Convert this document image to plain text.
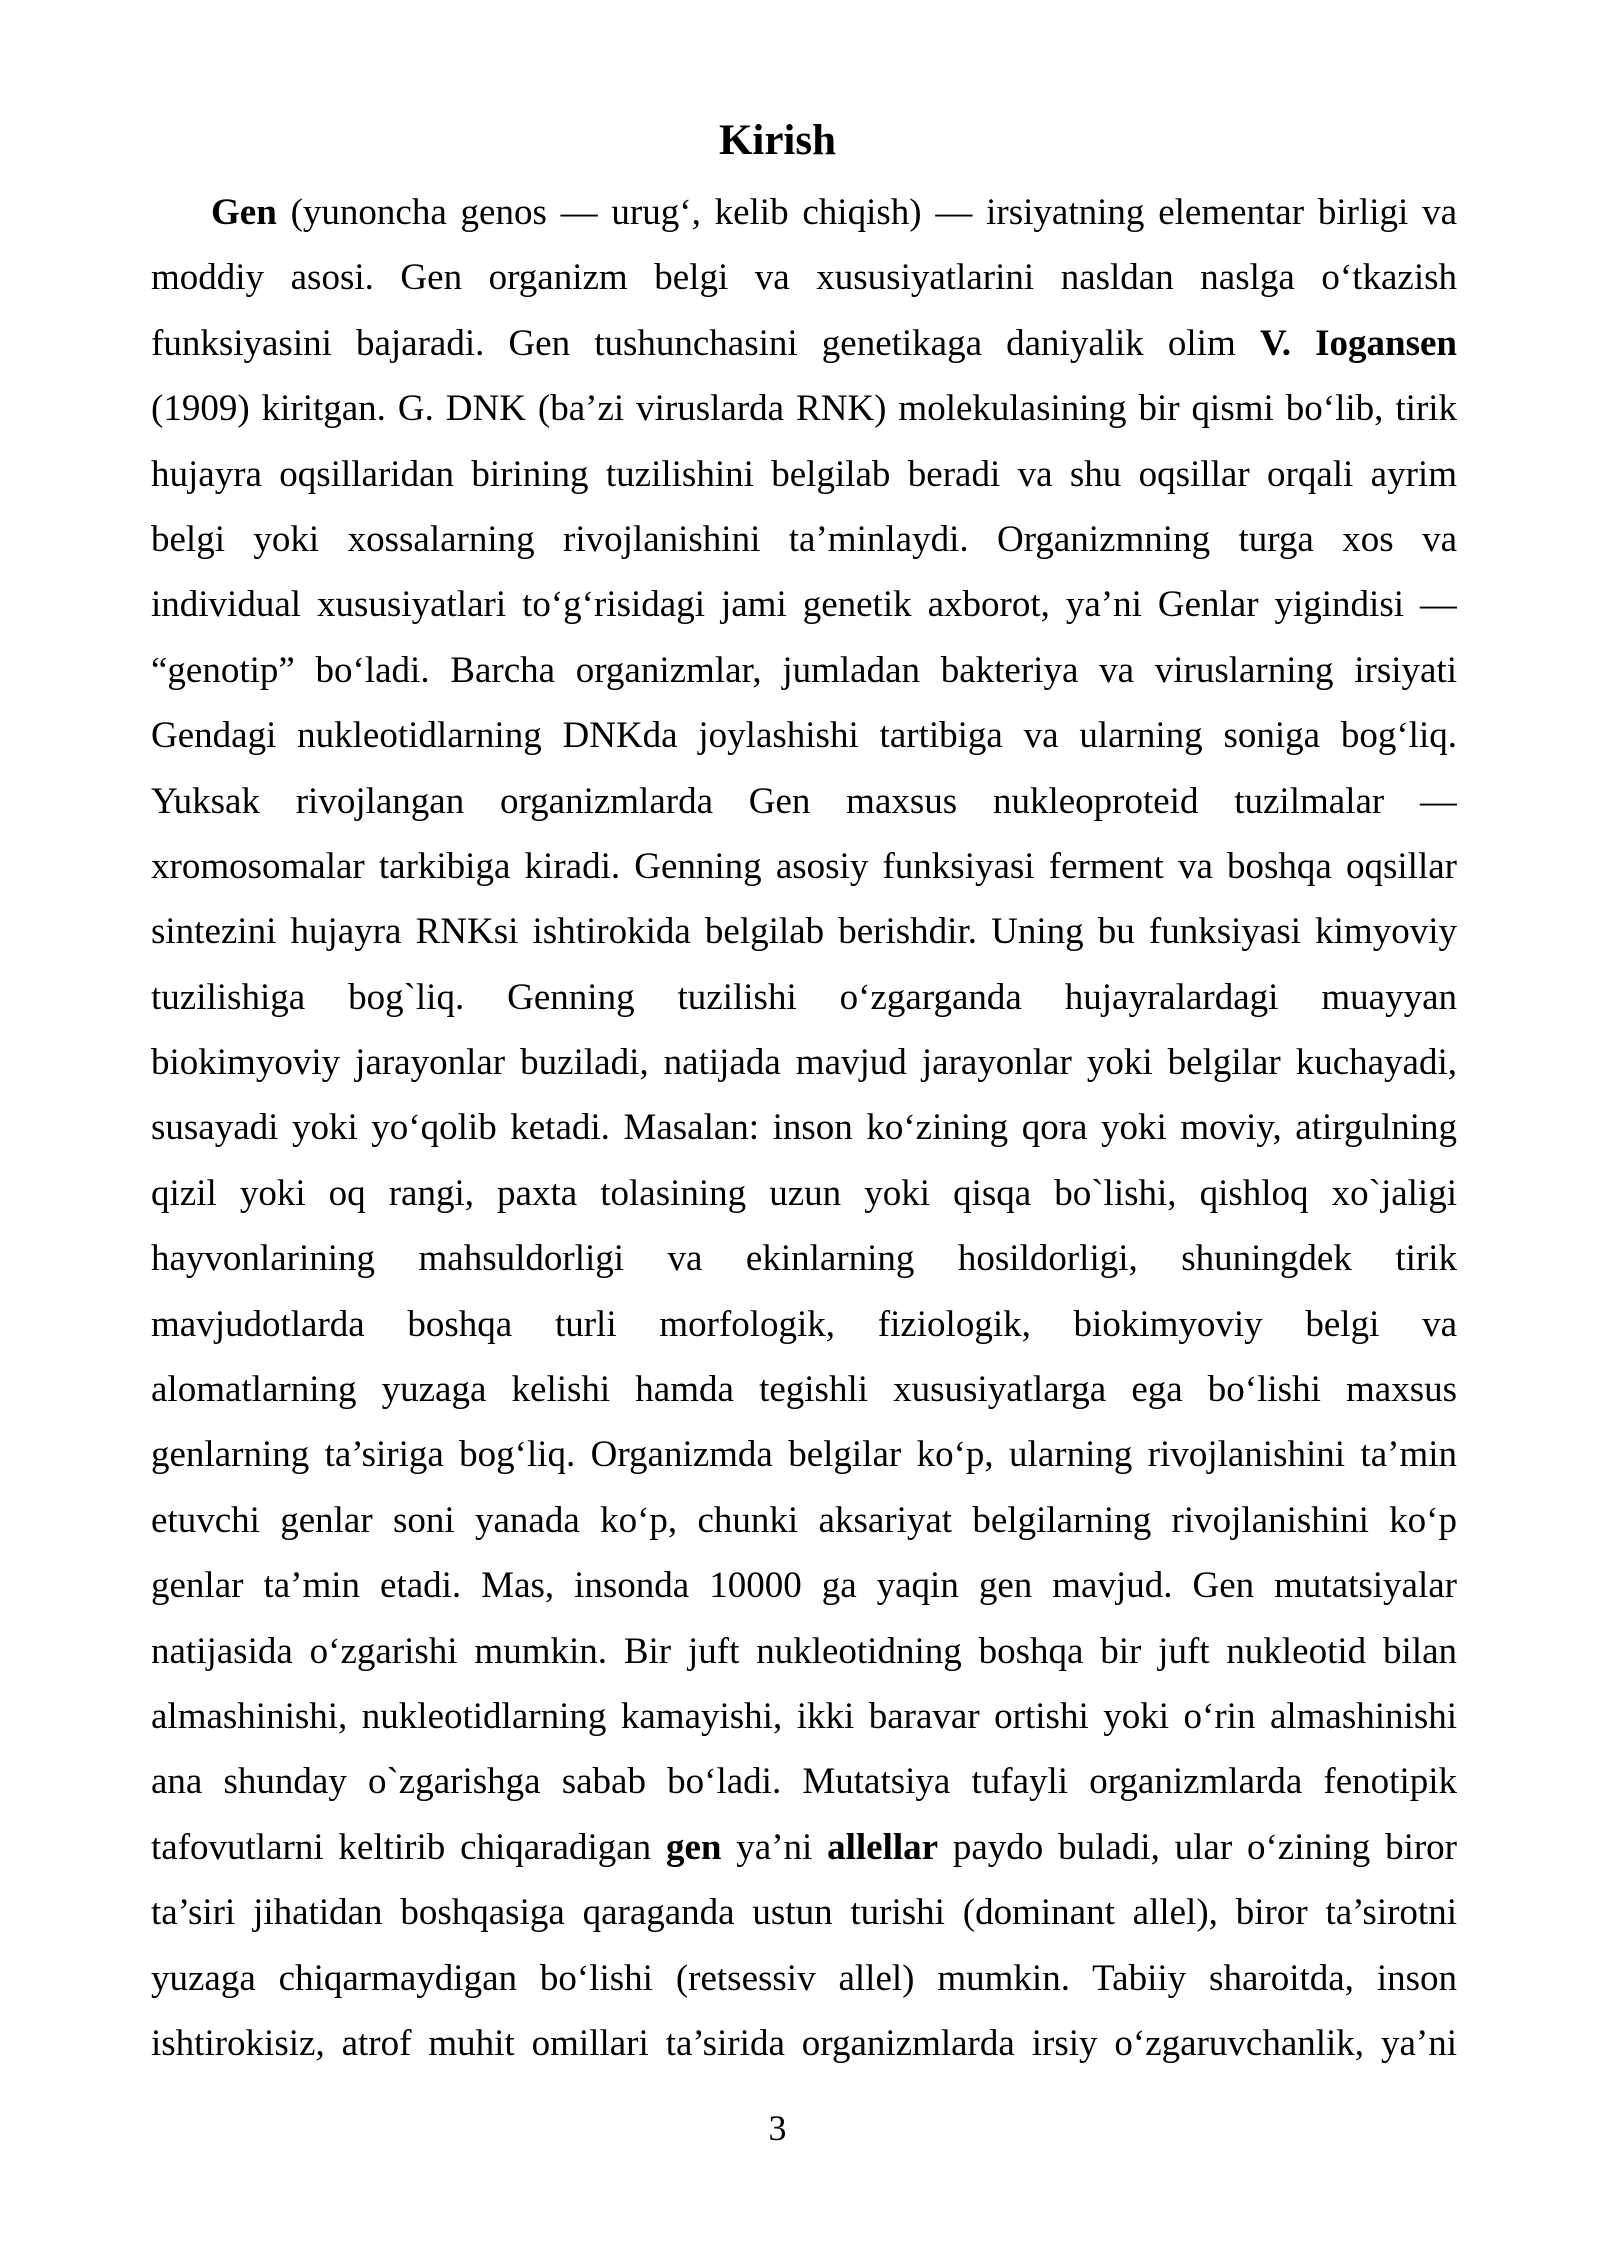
Kirish
Gen (yunoncha genos — urug‘, kelib chiqish) — irsiyatning elementar birligi va
moddiy asosi. Gen organizm belgi va xususiyatlarini nasldan naslga o‘tkazish
funksiyasini bajaradi. Gen tushunchasini genetikaga daniyalik olim V. Iogansen
(1909) kiritgan. G. DNK (ba’zi viruslarda RNK) molekulasining bir qismi bo‘lib, tirik
hujayra oqsillaridan birining tuzilishini belgilab beradi va shu oqsillar orqali ayrim
belgi yoki xossalarning rivojlanishini ta’minlaydi. Organizmning turga xos va
individual xususiyatlari to‘g‘risidagi jami genetik axborot, ya’ni Genlar yigindisi —
“genotip” bo‘ladi. Barcha organizmlar, jumladan bakteriya va viruslarning irsiyati
Gendagi nukleotidlarning DNKda joylashishi tartibiga va ularning soniga bog‘liq.
Yuksak rivojlangan organizmlarda Gen maxsus nukleoproteid tuzilmalar —
xromosomalar tarkibiga kiradi. Genning asosiy funksiyasi ferment va boshqa oqsillar
sintezini hujayra RNKsi ishtirokida belgilab berishdir. Uning bu funksiyasi kimyoviy
tuzilishiga bog`liq. Genning tuzilishi o‘zgarganda hujayralardagi muayyan
biokimyoviy jarayonlar buziladi, natijada mavjud jarayonlar yoki belgilar kuchayadi,
susayadi yoki yo‘qolib ketadi. Masalan: inson ko‘zining qora yoki moviy, atirgulning
qizil yoki oq rangi, paxta tolasining uzun yoki qisqa bo`lishi, qishloq xo`jaligi
hayvonlarining mahsuldorligi va ekinlarning hosildorligi, shuningdek tirik
mavjudotlarda boshqa turli morfologik, fiziologik, biokimyoviy belgi va
alomatlarning yuzaga kelishi hamda tegishli xususiyatlarga ega bo‘lishi maxsus
genlarning ta’siriga bog‘liq. Organizmda belgilar ko‘p, ularning rivojlanishini ta’min
etuvchi genlar soni yanada ko‘p, chunki aksariyat belgilarning rivojlanishini ko‘p
genlar ta’min etadi. Mas, insonda 10000 ga yaqin gen mavjud. Gen mutatsiyalar
natijasida o‘zgarishi mumkin. Bir juft nukleotidning boshqa bir juft nukleotid bilan
almashinishi, nukleotidlarning kamayishi, ikki baravar ortishi yoki o‘rin almashinishi
ana shunday o`zgarishga sabab bo‘ladi. Mutatsiya tufayli organizmlarda fenotipik
tafovutlarni keltirib chiqaradigan gen ya’ni allellar paydo buladi, ular o‘zining biror
ta’siri jihatidan boshqasiga qaraganda ustun turishi (dominant allel), biror ta’sirotni
yuzaga chiqarmaydigan bo‘lishi (retsessiv allel) mumkin. Tabiiy sharoitda, inson
ishtirokisiz, atrof muhit omillari ta’sirida organizmlarda irsiy o‘zgaruvchanlik, ya’ni
3
